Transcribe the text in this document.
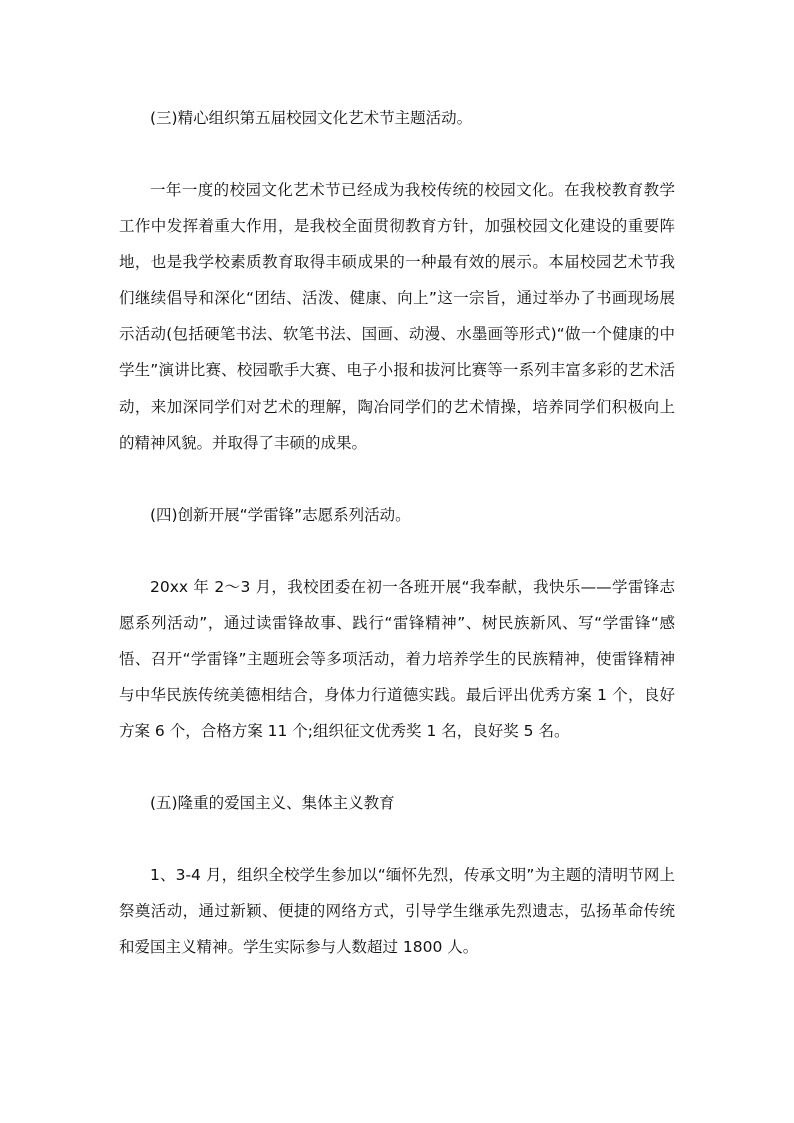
(三)精心组织第五届校园文化艺术节主题活动。

一年一度的校园文化艺术节已经成为我校传统的校园文化。在我校教育教学工作中发挥着重大作用，是我校全面贯彻教育方针，加强校园文化建设的重要阵地，也是我学校素质教育取得丰硕成果的一种最有效的展示。本届校园艺术节我们继续倡导和深化“团结、活泼、健康、向上”这一宗旨，通过举办了书画现场展示活动(包括硬笔书法、软笔书法、国画、动漫、水墨画等形式)“做一个健康的中学生”演讲比赛、校园歌手大赛、电子小报和拔河比赛等一系列丰富多彩的艺术活动，来加深同学们对艺术的理解，陶冶同学们的艺术情操，培养同学们积极向上的精神风貌。并取得了丰硕的成果。

(四)创新开展“学雷锋”志愿系列活动。

20xx 年 2～3 月，我校团委在初一各班开展“我奉献，我快乐——学雷锋志愿系列活动”，通过读雷锋故事、践行“雷锋精神”、树民族新风、写“学雷锋“感悟、召开“学雷锋”主题班会等多项活动，着力培养学生的民族精神，使雷锋精神与中华民族传统美德相结合，身体力行道德实践。最后评出优秀方案 1 个，良好方案 6 个，合格方案 11 个;组织征文优秀奖 1 名，良好奖 5 名。

(五)隆重的爱国主义、集体主义教育

1、3-4 月，组织全校学生参加以“缅怀先烈，传承文明”为主题的清明节网上祭奠活动，通过新颖、便捷的网络方式，引导学生继承先烈遗志，弘扬革命传统和爱国主义精神。学生实际参与人数超过 1800 人。
